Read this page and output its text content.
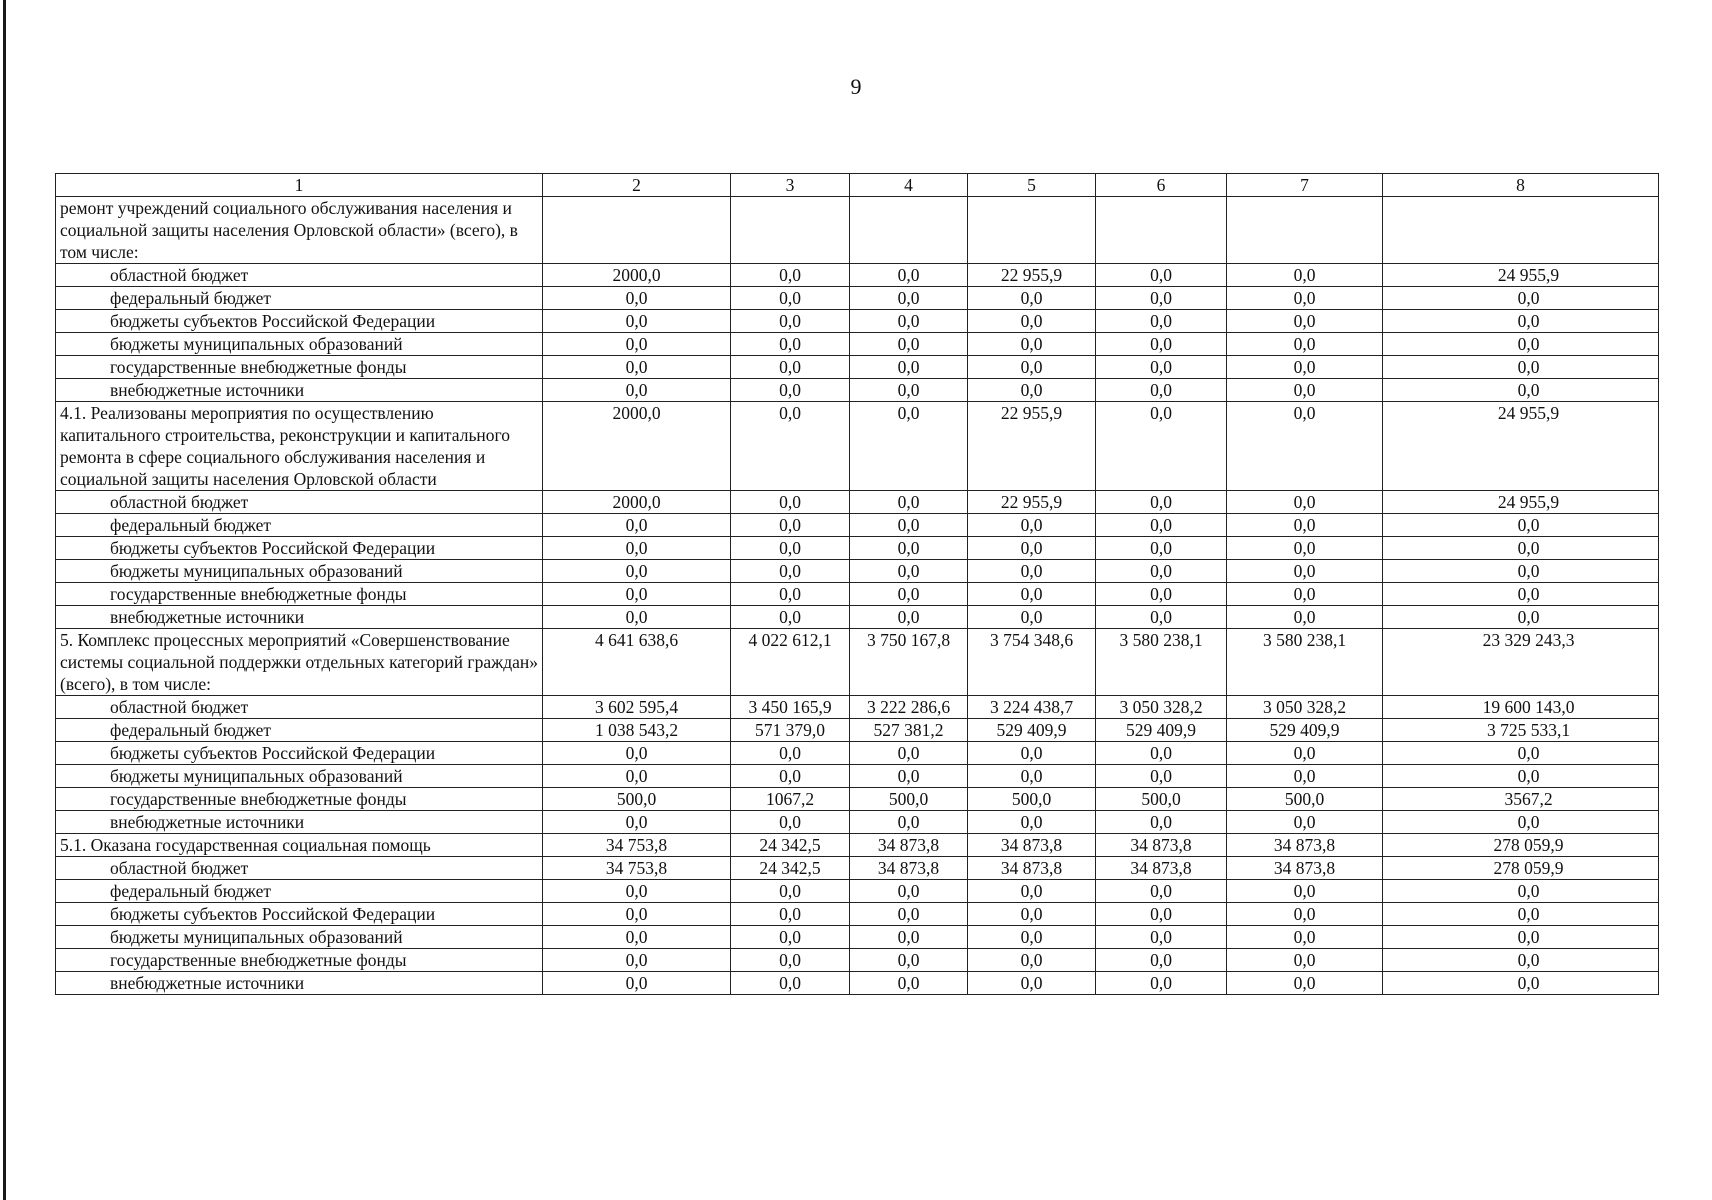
9
1	2	3	4	5	6	7	8
ремонт учреждений социального обслуживания населения и социальной защиты населения Орловской области» (всего), в том числе:							
областной бюджет	2000,0	0,0	0,0	22 955,9	0,0	0,0	24 955,9
федеральный бюджет	0,0	0,0	0,0	0,0	0,0	0,0	0,0
бюджеты субъектов Российской Федерации	0,0	0,0	0,0	0,0	0,0	0,0	0,0
бюджеты муниципальных образований	0,0	0,0	0,0	0,0	0,0	0,0	0,0
государственные внебюджетные фонды	0,0	0,0	0,0	0,0	0,0	0,0	0,0
внебюджетные источники	0,0	0,0	0,0	0,0	0,0	0,0	0,0
4.1. Реализованы мероприятия по осуществлению капитального строительства, реконструкции и капитального ремонта в сфере социального обслуживания населения и социальной защиты населения Орловской области	2000,0	0,0	0,0	22 955,9	0,0	0,0	24 955,9
областной бюджет	2000,0	0,0	0,0	22 955,9	0,0	0,0	24 955,9
федеральный бюджет	0,0	0,0	0,0	0,0	0,0	0,0	0,0
бюджеты субъектов Российской Федерации	0,0	0,0	0,0	0,0	0,0	0,0	0,0
бюджеты муниципальных образований	0,0	0,0	0,0	0,0	0,0	0,0	0,0
государственные внебюджетные фонды	0,0	0,0	0,0	0,0	0,0	0,0	0,0
внебюджетные источники	0,0	0,0	0,0	0,0	0,0	0,0	0,0
5. Комплекс процессных мероприятий «Совершенствование системы социальной поддержки отдельных категорий граждан» (всего), в том числе:	4 641 638,6	4 022 612,1	3 750 167,8	3 754 348,6	3 580 238,1	3 580 238,1	23 329 243,3
областной бюджет	3 602 595,4	3 450 165,9	3 222 286,6	3 224 438,7	3 050 328,2	3 050 328,2	19 600 143,0
федеральный бюджет	1 038 543,2	571 379,0	527 381,2	529 409,9	529 409,9	529 409,9	3 725 533,1
бюджеты субъектов Российской Федерации	0,0	0,0	0,0	0,0	0,0	0,0	0,0
бюджеты муниципальных образований	0,0	0,0	0,0	0,0	0,0	0,0	0,0
государственные внебюджетные фонды	500,0	1067,2	500,0	500,0	500,0	500,0	3567,2
внебюджетные источники	0,0	0,0	0,0	0,0	0,0	0,0	0,0
5.1. Оказана государственная социальная помощь	34 753,8	24 342,5	34 873,8	34 873,8	34 873,8	34 873,8	278 059,9
областной бюджет	34 753,8	24 342,5	34 873,8	34 873,8	34 873,8	34 873,8	278 059,9
федеральный бюджет	0,0	0,0	0,0	0,0	0,0	0,0	0,0
бюджеты субъектов Российской Федерации	0,0	0,0	0,0	0,0	0,0	0,0	0,0
бюджеты муниципальных образований	0,0	0,0	0,0	0,0	0,0	0,0	0,0
государственные внебюджетные фонды	0,0	0,0	0,0	0,0	0,0	0,0	0,0
внебюджетные источники	0,0	0,0	0,0	0,0	0,0	0,0	0,0
